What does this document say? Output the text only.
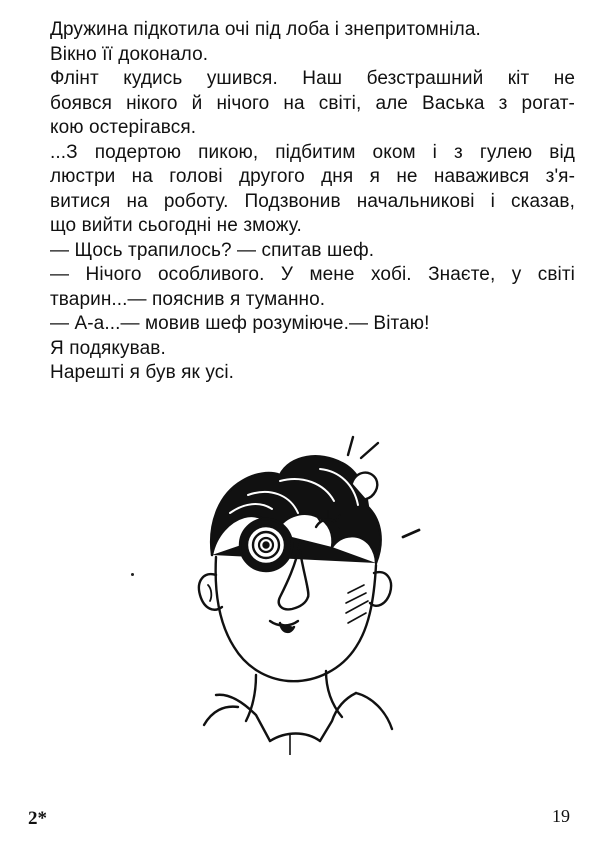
Дружина підкотила очі під лоба і знепритомніла.
Вікно її доконало.
Флінт кудись ушився. Наш безстрашний кіт не
боявся нікого й нічого на світі, але Васька з рогат-
кою остерігався.
...З подертою пикою, підбитим оком і з гулею від
люстри на голові другого дня я не наважився з'я-
витися на роботу. Подзвонив начальникові і сказав,
що вийти сьогодні не зможу.
— Щось трапилось? — спитав шеф.
— Нічого особливого. У мене хобі. Знаєте, у світі
тварин...— пояснив я туманно.
— А-а...— мовив шеф розуміюче.— Вітаю!
Я подякував.
Нарешті я був як усі.
2*	19
